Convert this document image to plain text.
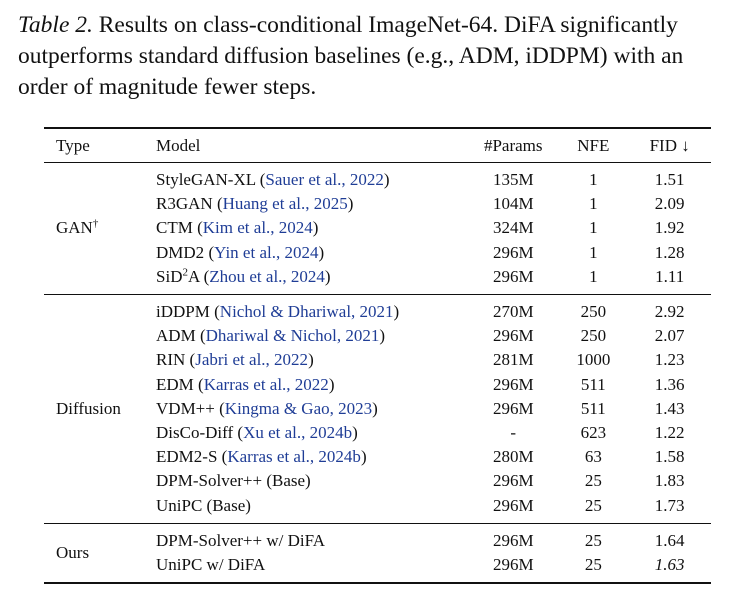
Table 2. Results on class-conditional ImageNet-64. DiFA significantly outperforms standard diffusion baselines (e.g., ADM, iDDPM) with an order of magnitude fewer steps.

Type	Model	#Params	NFE	FID ↓

GAN†	StyleGAN-XL (Sauer et al., 2022)	135M	1	1.51
	R3GAN (Huang et al., 2025)	104M	1	2.09
	CTM (Kim et al., 2024)	324M	1	1.92
	DMD2 (Yin et al., 2024)	296M	1	1.28
	SiD$^2$A (Zhou et al., 2024)	296M	1	1.11

Diffusion	iDDPM (Nichol & Dhariwal, 2021)	270M	250	2.92
	ADM (Dhariwal & Nichol, 2021)	296M	250	2.07
	RIN (Jabri et al., 2022)	281M	1000	1.23
	EDM (Karras et al., 2022)	296M	511	1.36
	VDM++ (Kingma & Gao, 2023)	296M	511	1.43
	DisCo-Diff (Xu et al., 2024b)	-	623	1.22
	EDM2-S (Karras et al., 2024b)	280M	63	1.58
	DPM-Solver++ (Base)	296M	25	1.83
	UniPC (Base)	296M	25	1.73

Ours	DPM-Solver++ w/ DiFA	296M	25	1.64
	UniPC w/ DiFA	296M	25	1.63
